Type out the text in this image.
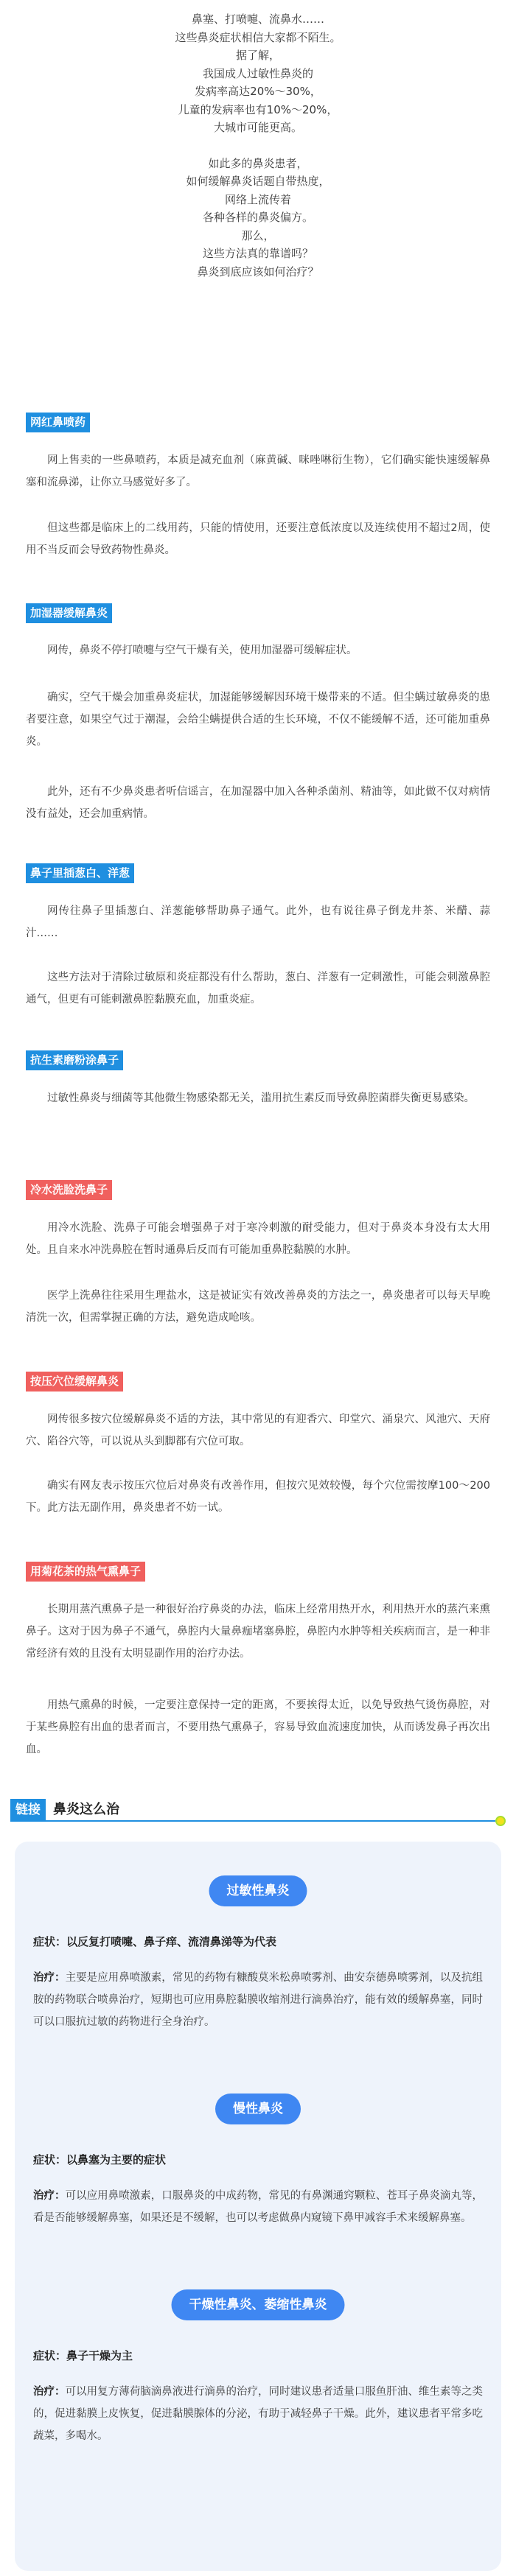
鼻塞、打喷嚏、流鼻水……
这些鼻炎症状相信大家都不陌生。
据了解，
我国成人过敏性鼻炎的
发病率高达20%～30%，
儿童的发病率也有10%～20%，
大城市可能更高。
如此多的鼻炎患者，
如何缓解鼻炎话题自带热度，
网络上流传着
各种各样的鼻炎偏方。
那么，
这些方法真的靠谱吗？
鼻炎到底应该如何治疗？
网红鼻喷药

网上售卖的一些鼻喷药，本质是减充血剂（麻黄碱、咪唑啉衍生物），它们确实能快速缓解鼻塞和流鼻涕，让你立马感觉好多了。

但这些都是临床上的二线用药，只能的情使用，还要注意低浓度以及连续使用不超过2周，使用不当反而会导致药物性鼻炎。

加湿器缓解鼻炎

网传，鼻炎不停打喷嚏与空气干燥有关，使用加湿器可缓解症状。

确实，空气干燥会加重鼻炎症状，加湿能够缓解因环境干燥带来的不适。但尘螨过敏鼻炎的患者要注意，如果空气过于潮湿，会给尘螨提供合适的生长环境，不仅不能缓解不适，还可能加重鼻炎。

此外，还有不少鼻炎患者听信谣言，在加湿器中加入各种杀菌剂、精油等，如此做不仅对病情没有益处，还会加重病情。

鼻子里插葱白、洋葱

网传往鼻子里插葱白、洋葱能够帮助鼻子通气。此外，也有说往鼻子倒龙井茶、米醋、蒜汁……

这些方法对于清除过敏原和炎症都没有什么帮助，葱白、洋葱有一定刺激性，可能会刺激鼻腔通气，但更有可能刺激鼻腔黏膜充血，加重炎症。

抗生素磨粉涂鼻子

过敏性鼻炎与细菌等其他微生物感染都无关，滥用抗生素反而导致鼻腔菌群失衡更易感染。

冷水洗脸洗鼻子

用冷水洗脸、洗鼻子可能会增强鼻子对于寒冷刺激的耐受能力，但对于鼻炎本身没有太大用处。且自来水冲洗鼻腔在暂时通鼻后反而有可能加重鼻腔黏膜的水肿。

医学上洗鼻往往采用生理盐水，这是被证实有效改善鼻炎的方法之一，鼻炎患者可以每天早晚清洗一次，但需掌握正确的方法，避免造成呛咳。

按压穴位缓解鼻炎

网传很多按穴位缓解鼻炎不适的方法，其中常见的有迎香穴、印堂穴、涌泉穴、风池穴、天府穴、陷谷穴等，可以说从头到脚都有穴位可取。

确实有网友表示按压穴位后对鼻炎有改善作用，但按穴见效较慢，每个穴位需按摩100～200下。此方法无副作用，鼻炎患者不妨一试。

用菊花茶的热气熏鼻子

长期用蒸汽熏鼻子是一种很好治疗鼻炎的办法，临床上经常用热开水，利用热开水的蒸汽来熏鼻子。这对于因为鼻子不通气，鼻腔内大量鼻痂堵塞鼻腔，鼻腔内水肿等相关疾病而言，是一种非常经济有效的且没有太明显副作用的治疗办法。

用热气熏鼻的时候，一定要注意保持一定的距离，不要挨得太近，以免导致热气烫伤鼻腔，对于某些鼻腔有出血的患者而言，不要用热气熏鼻子，容易导致血流速度加快，从而诱发鼻子再次出血。

链接 鼻炎这么治
过敏性鼻炎
症状：以反复打喷嚏、鼻子痒、流清鼻涕等为代表

治疗：主要是应用鼻喷激素，常见的药物有糠酸莫米松鼻喷雾剂、曲安奈德鼻喷雾剂，以及抗组胺的药物联合喷鼻治疗，短期也可应用鼻腔黏膜收缩剂进行滴鼻治疗，能有效的缓解鼻塞，同时可以口服抗过敏的药物进行全身治疗。

慢性鼻炎
症状：以鼻塞为主要的症状

治疗：可以应用鼻喷激素，口服鼻炎的中成药物，常见的有鼻渊通窍颗粒、苍耳子鼻炎滴丸等，看是否能够缓解鼻塞，如果还是不缓解，也可以考虑做鼻内窥镜下鼻甲减容手术来缓解鼻塞。

干燥性鼻炎、萎缩性鼻炎
症状：鼻子干燥为主

治疗：可以用复方薄荷脑滴鼻液进行滴鼻的治疗，同时建议患者适量口服鱼肝油、维生素等之类的，促进黏膜上皮恢复，促进黏膜腺体的分泌，有助于减轻鼻子干燥。此外，建议患者平常多吃蔬菜，多喝水。
